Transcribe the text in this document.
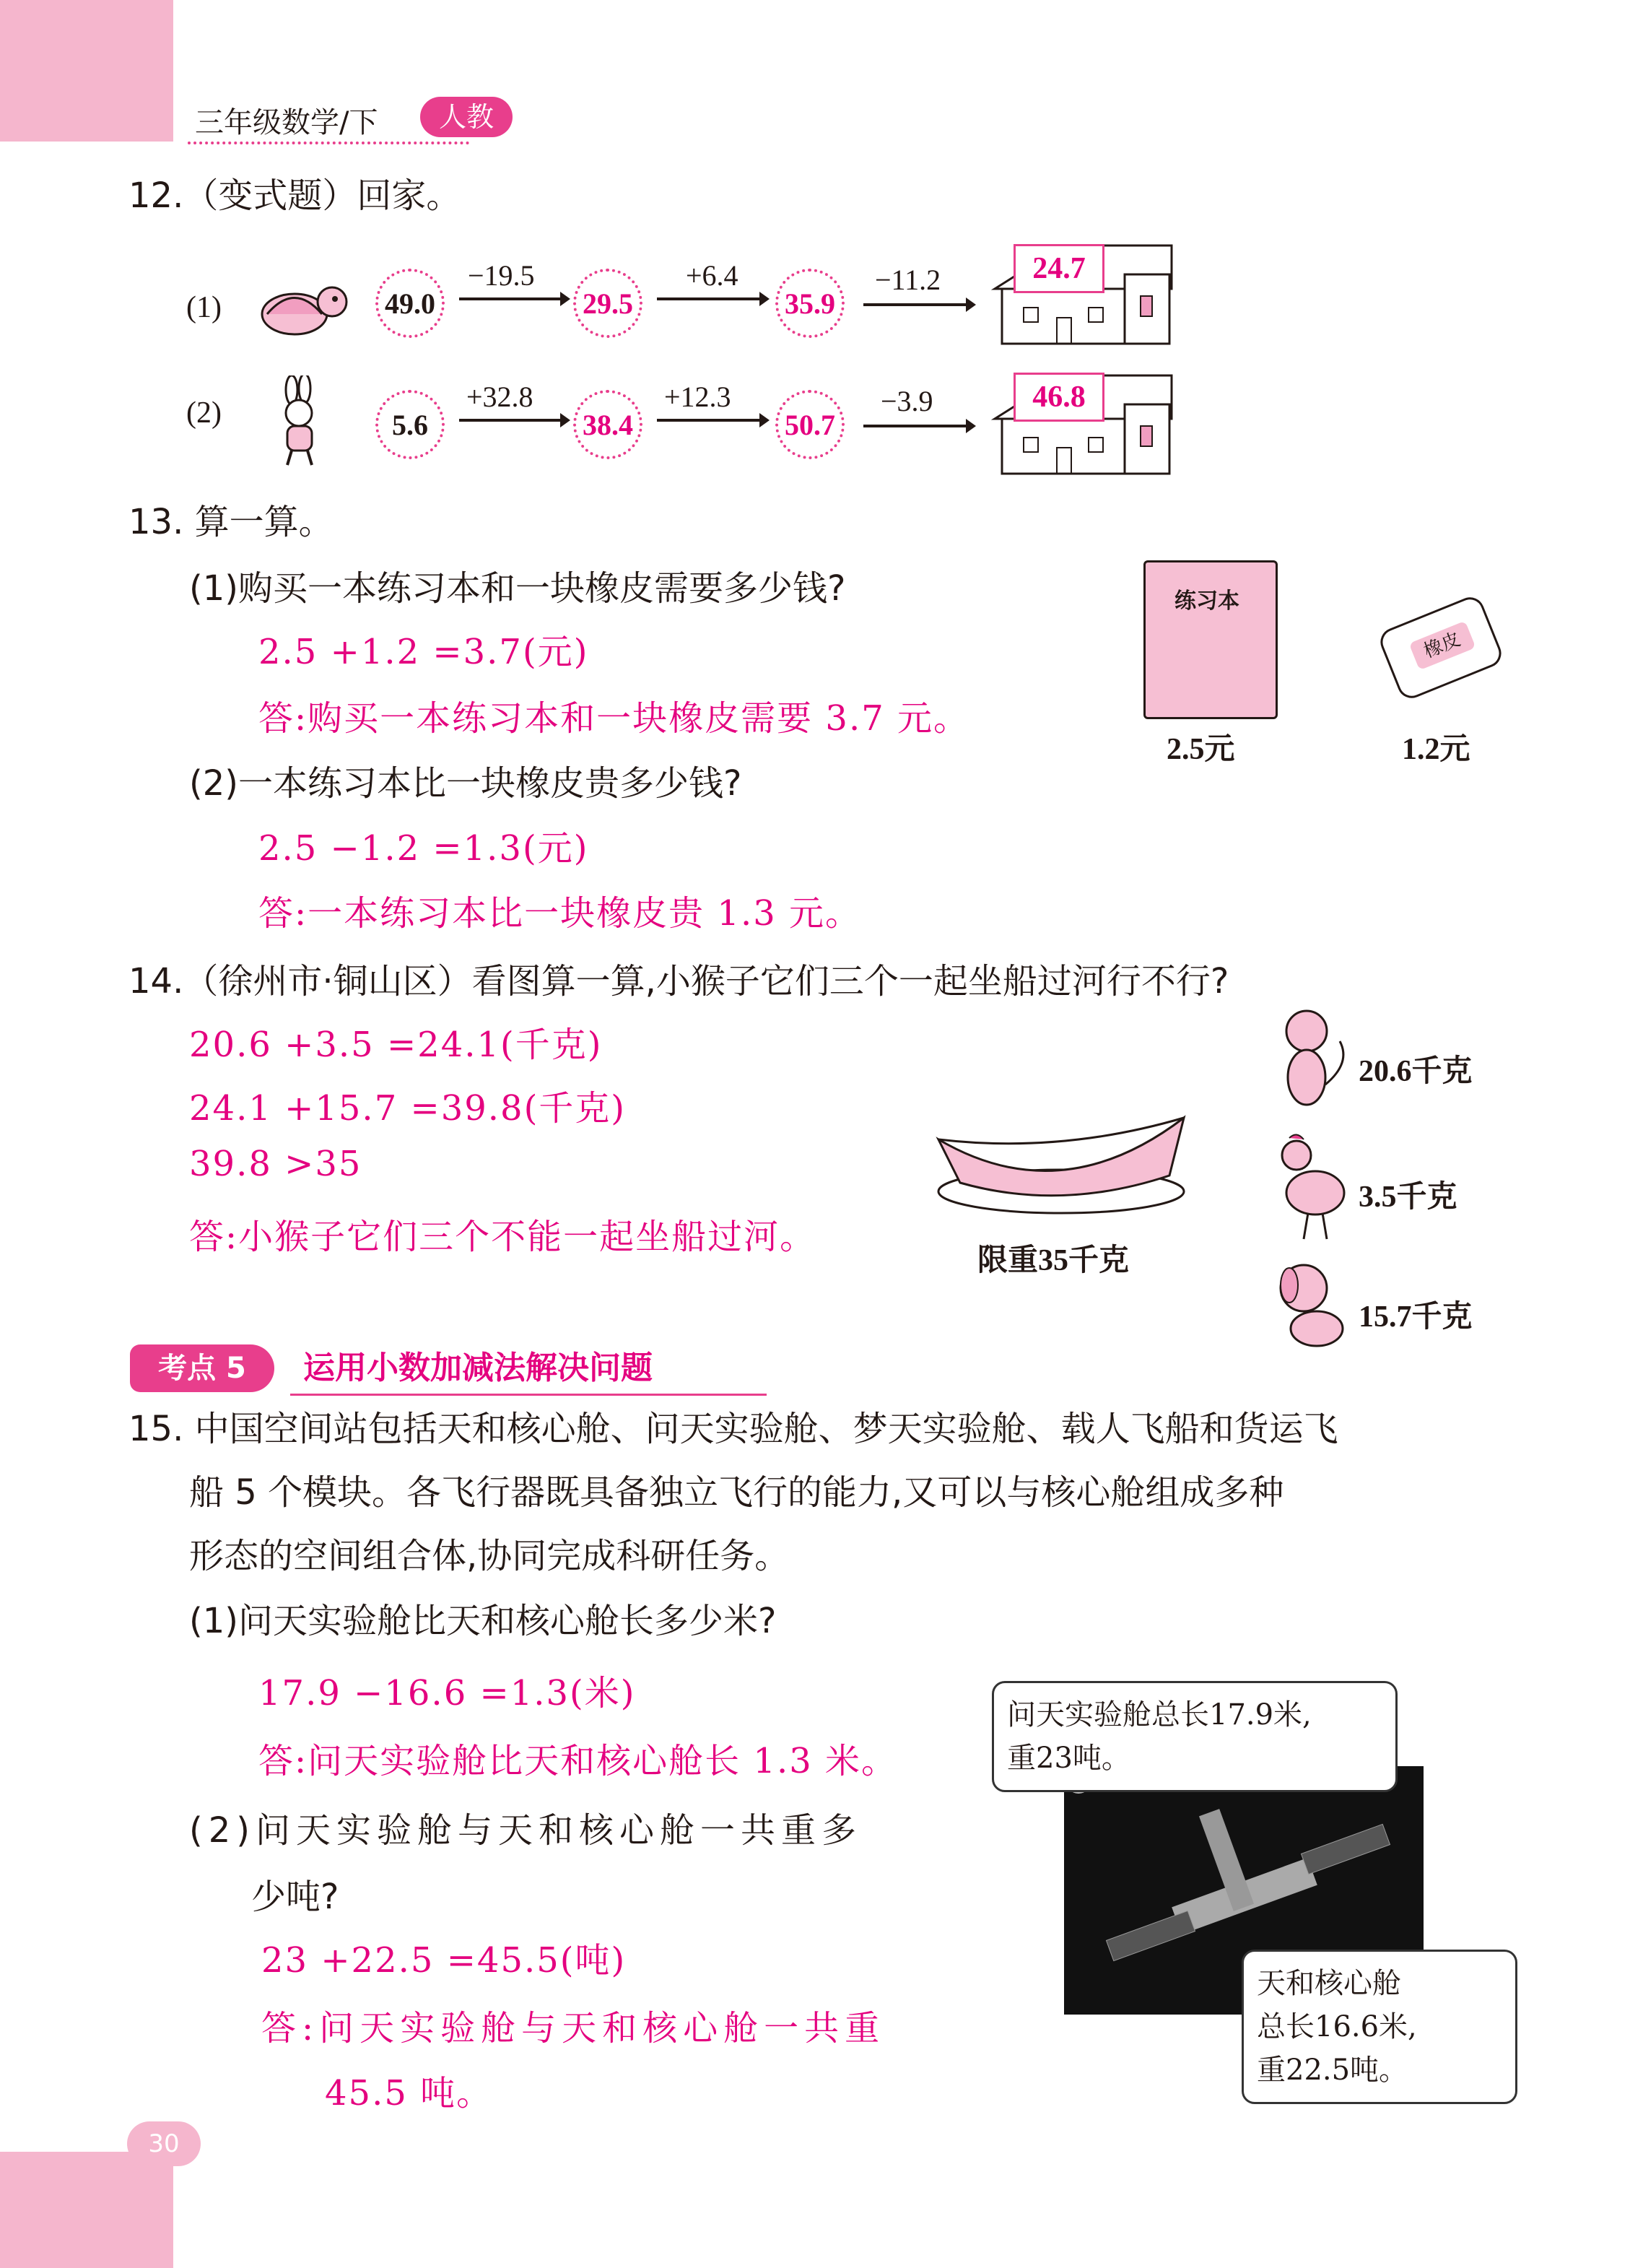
三年级数学/下	人教
12.（变式题）回家。
(1)	49.0
−19.5
29.5
+6.4
35.9
−11.2	24.7
(2)	5.6
+32.8
38.4
+12.3
50.7
−3.9	46.8
13. 算一算。
(1)购买一本练习本和一块橡皮需要多少钱?
2.5 +1.2 =3.7(元)
答:购买一本练习本和一块橡皮需要 3.7 元。
(2)一本练习本比一块橡皮贵多少钱?
2.5 −1.2 =1.3(元)
答:一本练习本比一块橡皮贵 1.3 元。
练习本
2.5元
橡皮
1.2元
14.（徐州市·铜山区）看图算一算,小猴子它们三个一起坐船过河行不行?
20.6 +3.5 =24.1(千克)
24.1 +15.7 =39.8(千克)
39.8 >35
答:小猴子它们三个不能一起坐船过河。
限重35千克
20.6千克
3.5千克
15.7千克
考点 5	运用小数加减法解决问题
15. 中国空间站包括天和核心舱、问天实验舱、梦天实验舱、载人飞船和货运飞
船 5 个模块。各飞行器既具备独立飞行的能力,又可以与核心舱组成多种
形态的空间组合体,协同完成科研任务。
(1)问天实验舱比天和核心舱长多少米?
17.9 −16.6 =1.3(米)
答:问天实验舱比天和核心舱长 1.3 米。
(2)问天实验舱与天和核心舱一共重多
少吨?
23 +22.5 =45.5(吨)
答:问天实验舱与天和核心舱一共重
45.5 吨。
问天实验舱总长17.9米,
重23吨。
天和核心舱
总长16.6米,
重22.5吨。
30
